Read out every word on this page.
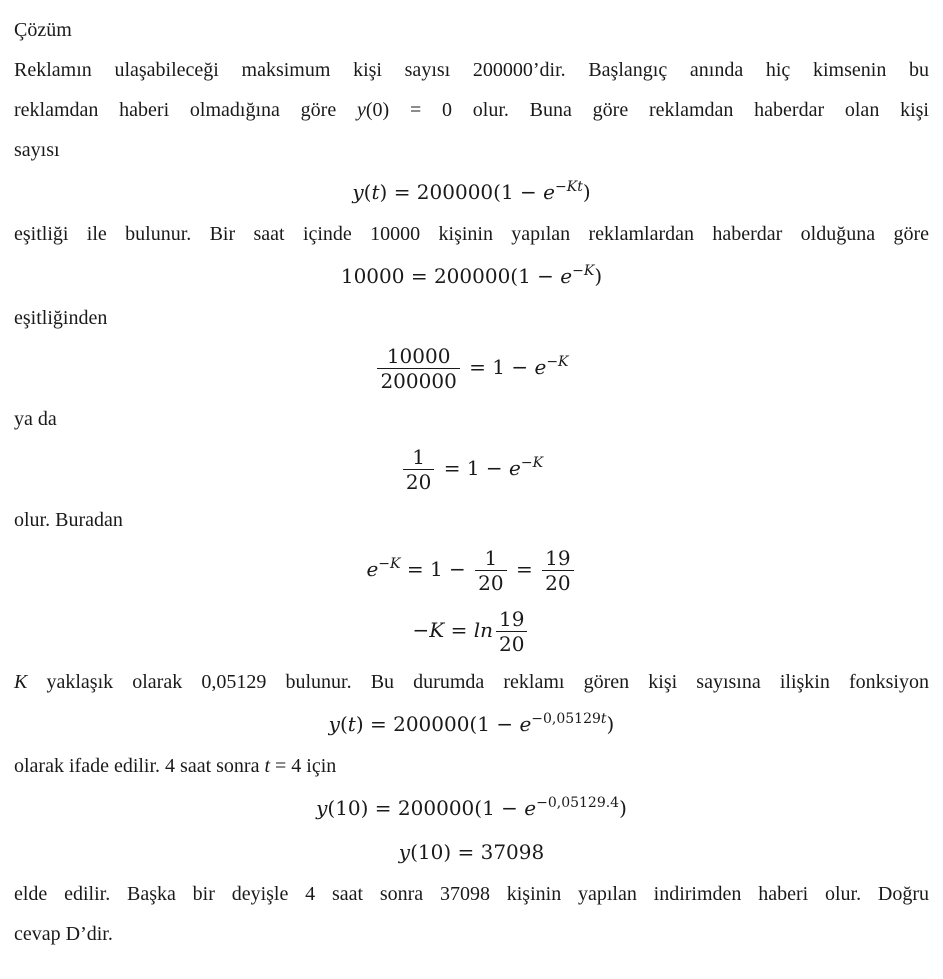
Çözüm
Reklamın ulaşabileceği maksimum kişi sayısı 200000’dir. Başlangıç anında hiç kimsenin bu
reklamdan haberi olmadığına göre y(0) = 0 olur. Buna göre reklamdan haberdar olan kişi
sayısı
$y(t) = 200000(1 - e^{-Kt})$
eşitliği ile bulunur. Bir saat içinde 10000 kişinin yapılan reklamlardan haberdar olduğuna göre
$10000 = 200000(1 - e^{-K})$
eşitliğinden
$\frac{10000}{200000} = 1 - e^{-K}$
ya da
$\frac{1}{20} = 1 - e^{-K}$
olur. Buradan
$e^{-K} = 1 - \frac{1}{20} = \frac{19}{20}$
$-K = \ln \frac{19}{20}$
K yaklaşık olarak 0,05129 bulunur. Bu durumda reklamı gören kişi sayısına ilişkin fonksiyon
$y(t) = 200000(1 - e^{-0,05129t})$
olarak ifade edilir. 4 saat sonra t = 4 için
$y(10) = 200000(1 - e^{-0,05129.4})$
y(10) = 37098
elde edilir. Başka bir deyişle 4 saat sonra 37098 kişinin yapılan indirimden haberi olur. Doğru
cevap D’dir.
